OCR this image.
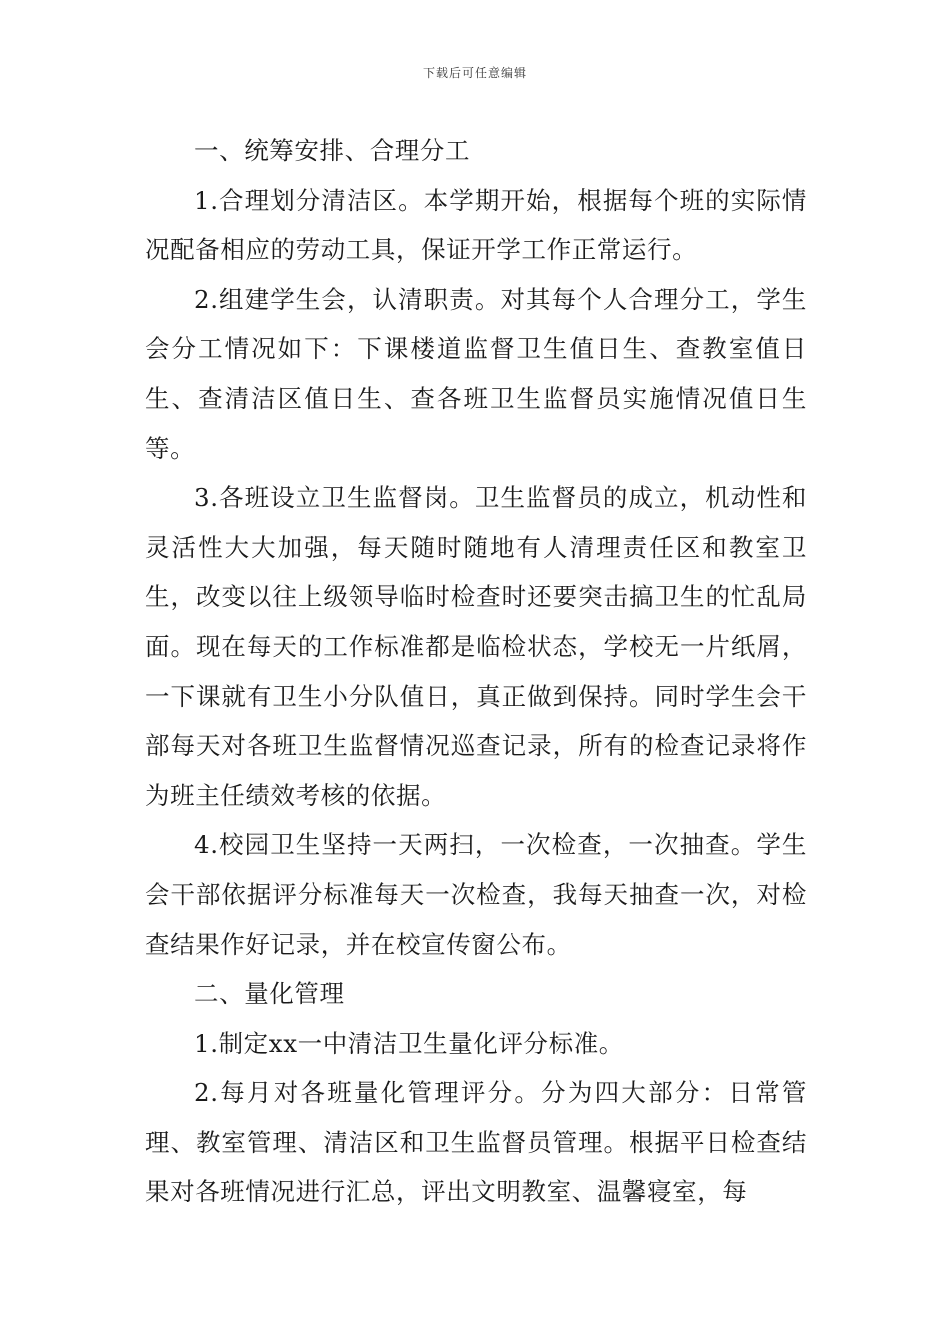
下载后可任意编辑

一、统筹安排、合理分工

1.合理划分清洁区。本学期开始，根据每个班的实际情况配备相应的劳动工具，保证开学工作正常运行。

2.组建学生会，认清职责。对其每个人合理分工，学生会分工情况如下：下课楼道监督卫生值日生、查教室值日生、查清洁区值日生、查各班卫生监督员实施情况值日生等。

3.各班设立卫生监督岗。卫生监督员的成立，机动性和灵活性大大加强，每天随时随地有人清理责任区和教室卫生，改变以往上级领导临时检查时还要突击搞卫生的忙乱局面。现在每天的工作标准都是临检状态，学校无一片纸屑，一下课就有卫生小分队值日，真正做到保持。同时学生会干部每天对各班卫生监督情况巡查记录，所有的检查记录将作为班主任绩效考核的依据。

4.校园卫生坚持一天两扫，一次检查，一次抽查。学生会干部依据评分标准每天一次检查，我每天抽查一次，对检查结果作好记录，并在校宣传窗公布。

二、量化管理

1.制定xx一中清洁卫生量化评分标准。

2.每月对各班量化管理评分。分为四大部分：日常管理、教室管理、清洁区和卫生监督员管理。根据平日检查结果对各班情况进行汇总，评出文明教室、温馨寝室，每
